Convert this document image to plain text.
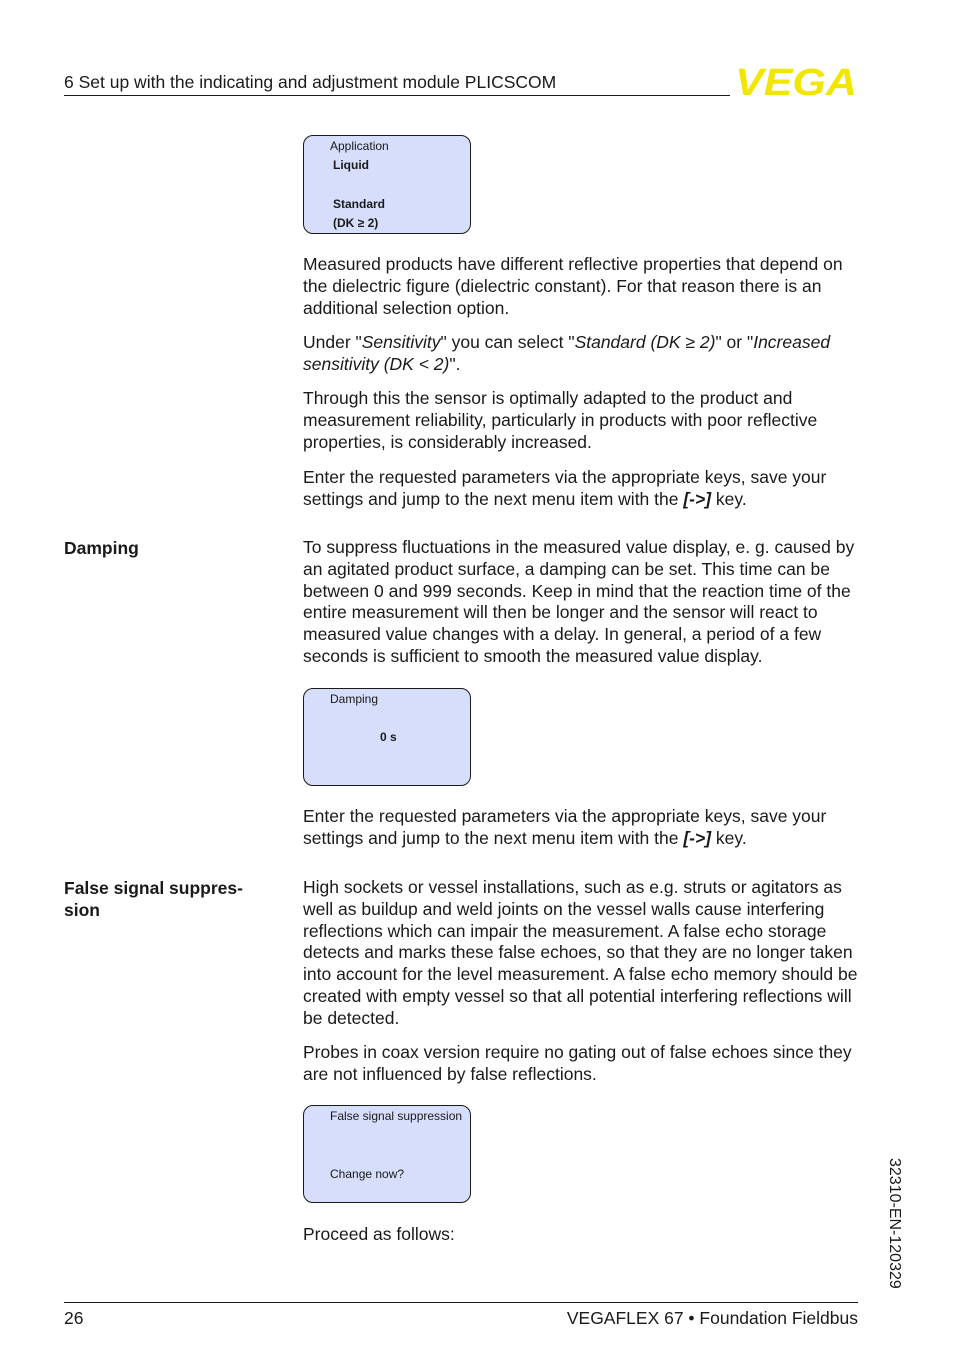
6 Set up with the indicating and adjustment module PLICSCOM	VEGA
Application
Liquid
Standard
(DK ≥ 2)

Measured products have different reflective properties that depend on the dielectric figure (dielectric constant). For that reason there is an additional selection option.

Under "Sensitivity" you can select "Standard (DK ≥ 2)" or "Increased sensitivity (DK < 2)".

Through this the sensor is optimally adapted to the product and measurement reliability, particularly in products with poor reflective properties, is considerably increased.

Enter the requested parameters via the appropriate keys, save your settings and jump to the next menu item with the [->] key.

Damping	To suppress fluctuations in the measured value display, e. g. caused by an agitated product surface, a damping can be set. This time can be between 0 and 999 seconds. Keep in mind that the reaction time of the entire measurement will then be longer and the sensor will react to measured value changes with a delay. In general, a period of a few seconds is sufficient to smooth the measured value display.

Damping
0 s

Enter the requested parameters via the appropriate keys, save your settings and jump to the next menu item with the [->] key.

False signal suppres-
sion

High sockets or vessel installations, such as e.g. struts or agitators as well as buildup and weld joints on the vessel walls cause interfering reflections which can impair the measurement. A false echo storage detects and marks these false echoes, so that they are no longer taken into account for the level measurement. A false echo memory should be created with empty vessel so that all potential interfering reflections will be detected.

Probes in coax version require no gating out of false echoes since they are not influenced by false reflections.

False signal suppression
Change now?

Proceed as follows:	32310-EN-120329
26	VEGAFLEX 67 • Foundation Fieldbus
